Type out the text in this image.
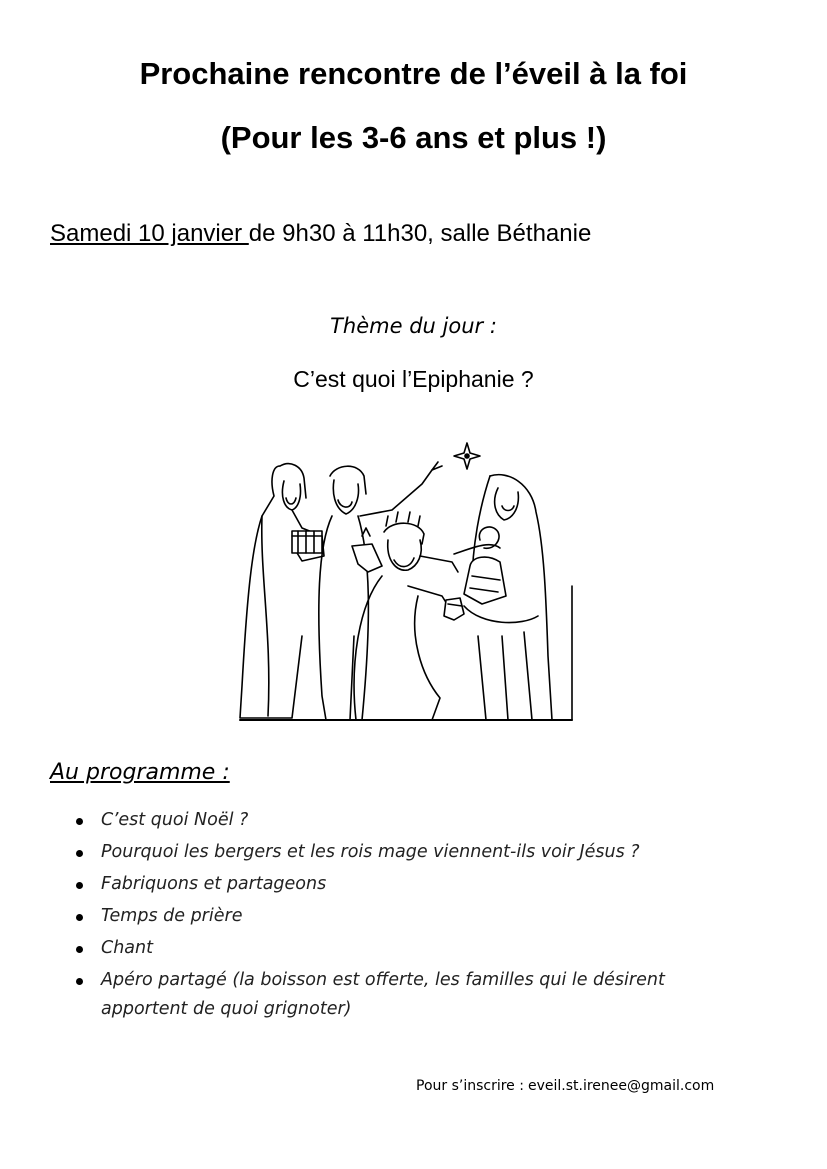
Prochaine rencontre de l’éveil à la foi
(Pour les 3-6 ans et plus !)

Samedi 10 janvier de 9h30 à 11h30, salle Béthanie

Thème du jour :
C’est quoi l’Epiphanie ?
Au programme :
C’est quoi Noël ?
Pourquoi les bergers et les rois mage viennent-ils voir Jésus ?
Fabriquons et partageons
Temps de prière
Chant
Apéro partagé (la boisson est offerte, les familles qui le désirent apportent de quoi grignoter)
Pour s’inscrire : eveil.st.irenee@gmail.com
